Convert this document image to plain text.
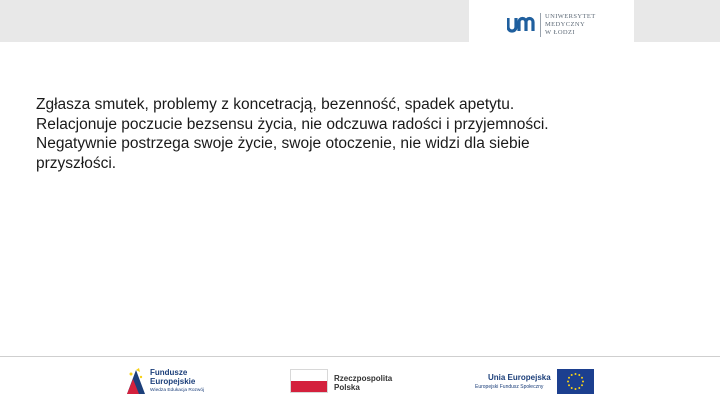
UNIWERSYTET
MEDYCZNY
W ŁODZI
Zgłasza smutek, problemy z koncetracją, bezenność, spadek apetytu.
Relacjonuje poczucie bezsensu życia, nie odczuwa radości i przyjemności.
Negatywnie postrzega swoje życie, swoje otoczenie, nie widzi dla siebie
przyszłości.
Fundusze
Europejskie
Wiedza Edukacja Rozwój
Rzeczpospolita
Polska
Unia Europejska
Europejski Fundusz Społeczny
